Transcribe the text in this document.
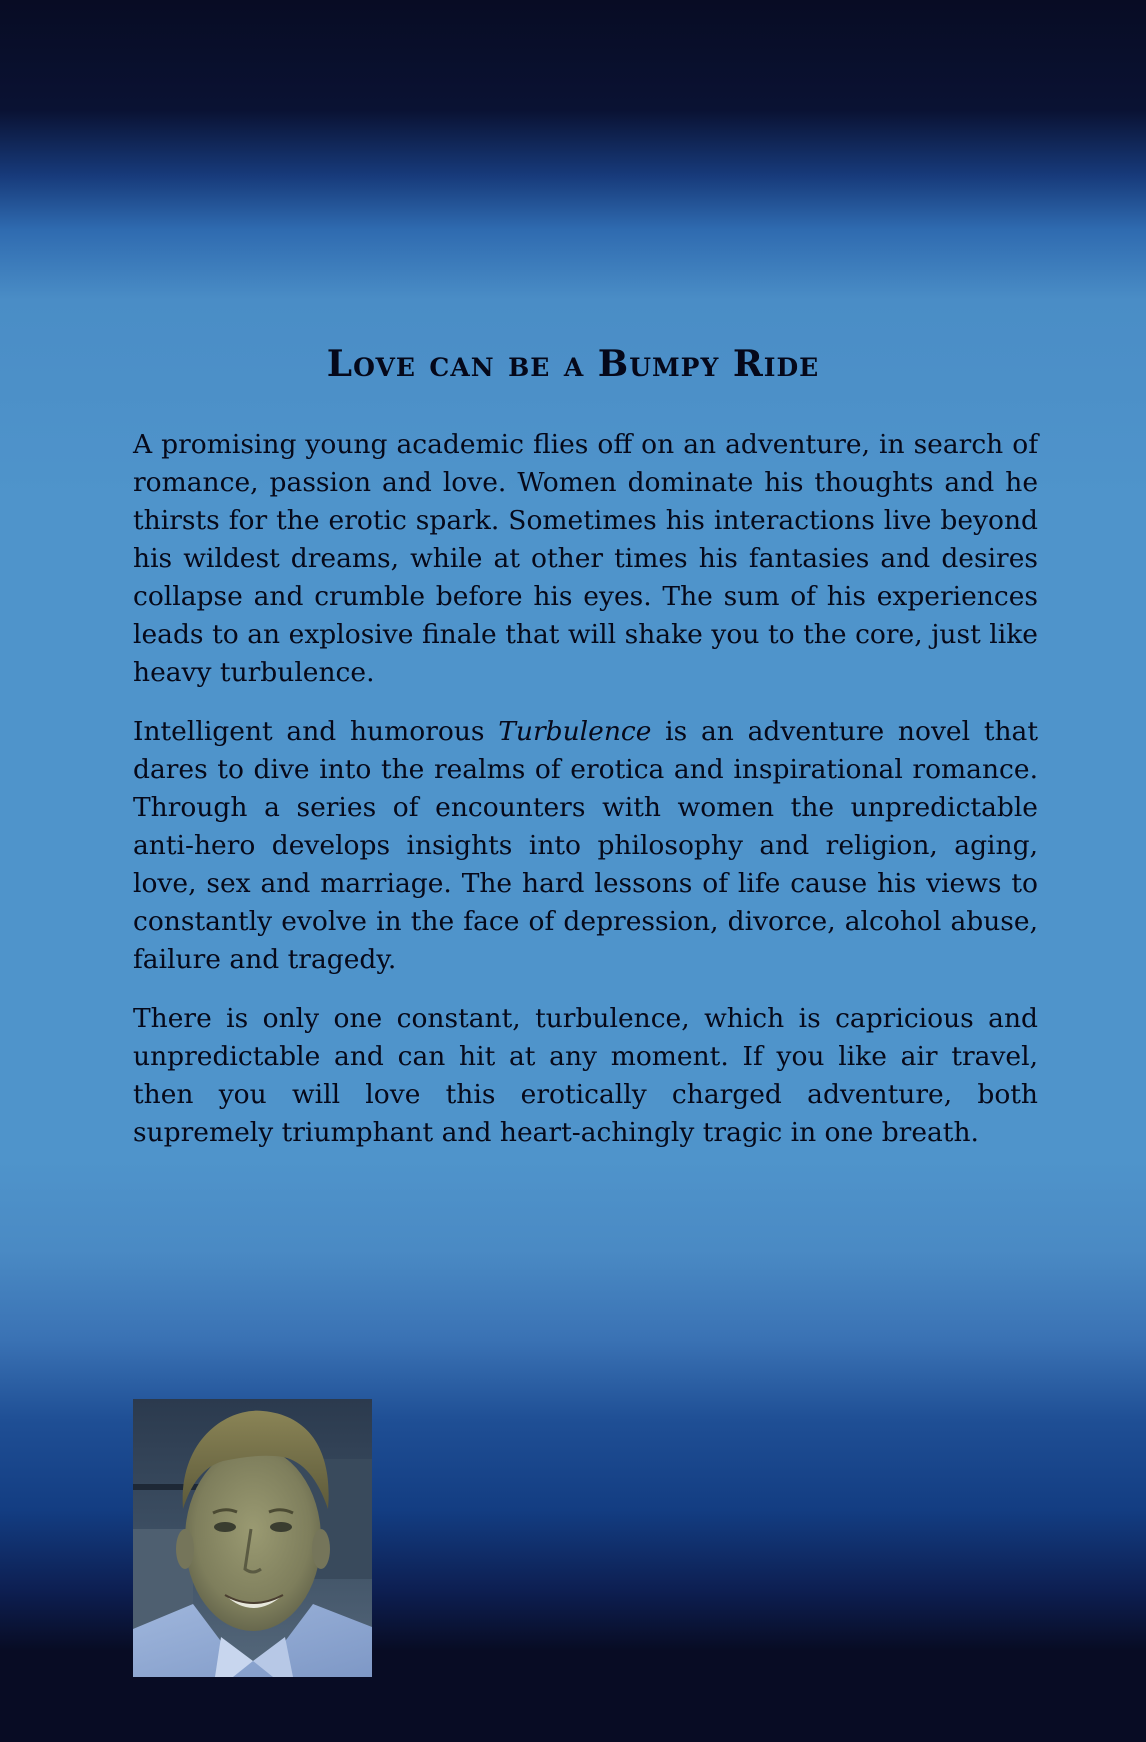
Love can be a Bumpy Ride

A promising young academic flies off on an adventure, in search of romance, passion and love. Women dominate his thoughts and he thirsts for the erotic spark. Sometimes his interactions live beyond his wildest dreams, while at other times his fantasies and desires collapse and crumble before his eyes. The sum of his experiences leads to an explosive finale that will shake you to the core, just like heavy turbulence.

Intelligent and humorous Turbulence is an adventure novel that dares to dive into the realms of erotica and inspirational romance. Through a series of encounters with women the unpredictable anti-hero develops insights into philosophy and religion, aging, love, sex and marriage. The hard lessons of life cause his views to constantly evolve in the face of depression, divorce, alcohol abuse, failure and tragedy.

There is only one constant, turbulence, which is capricious and unpredictable and can hit at any moment. If you like air travel, then you will love this erotically charged adventure, both supremely triumphant and heart-achingly tragic in one breath.
